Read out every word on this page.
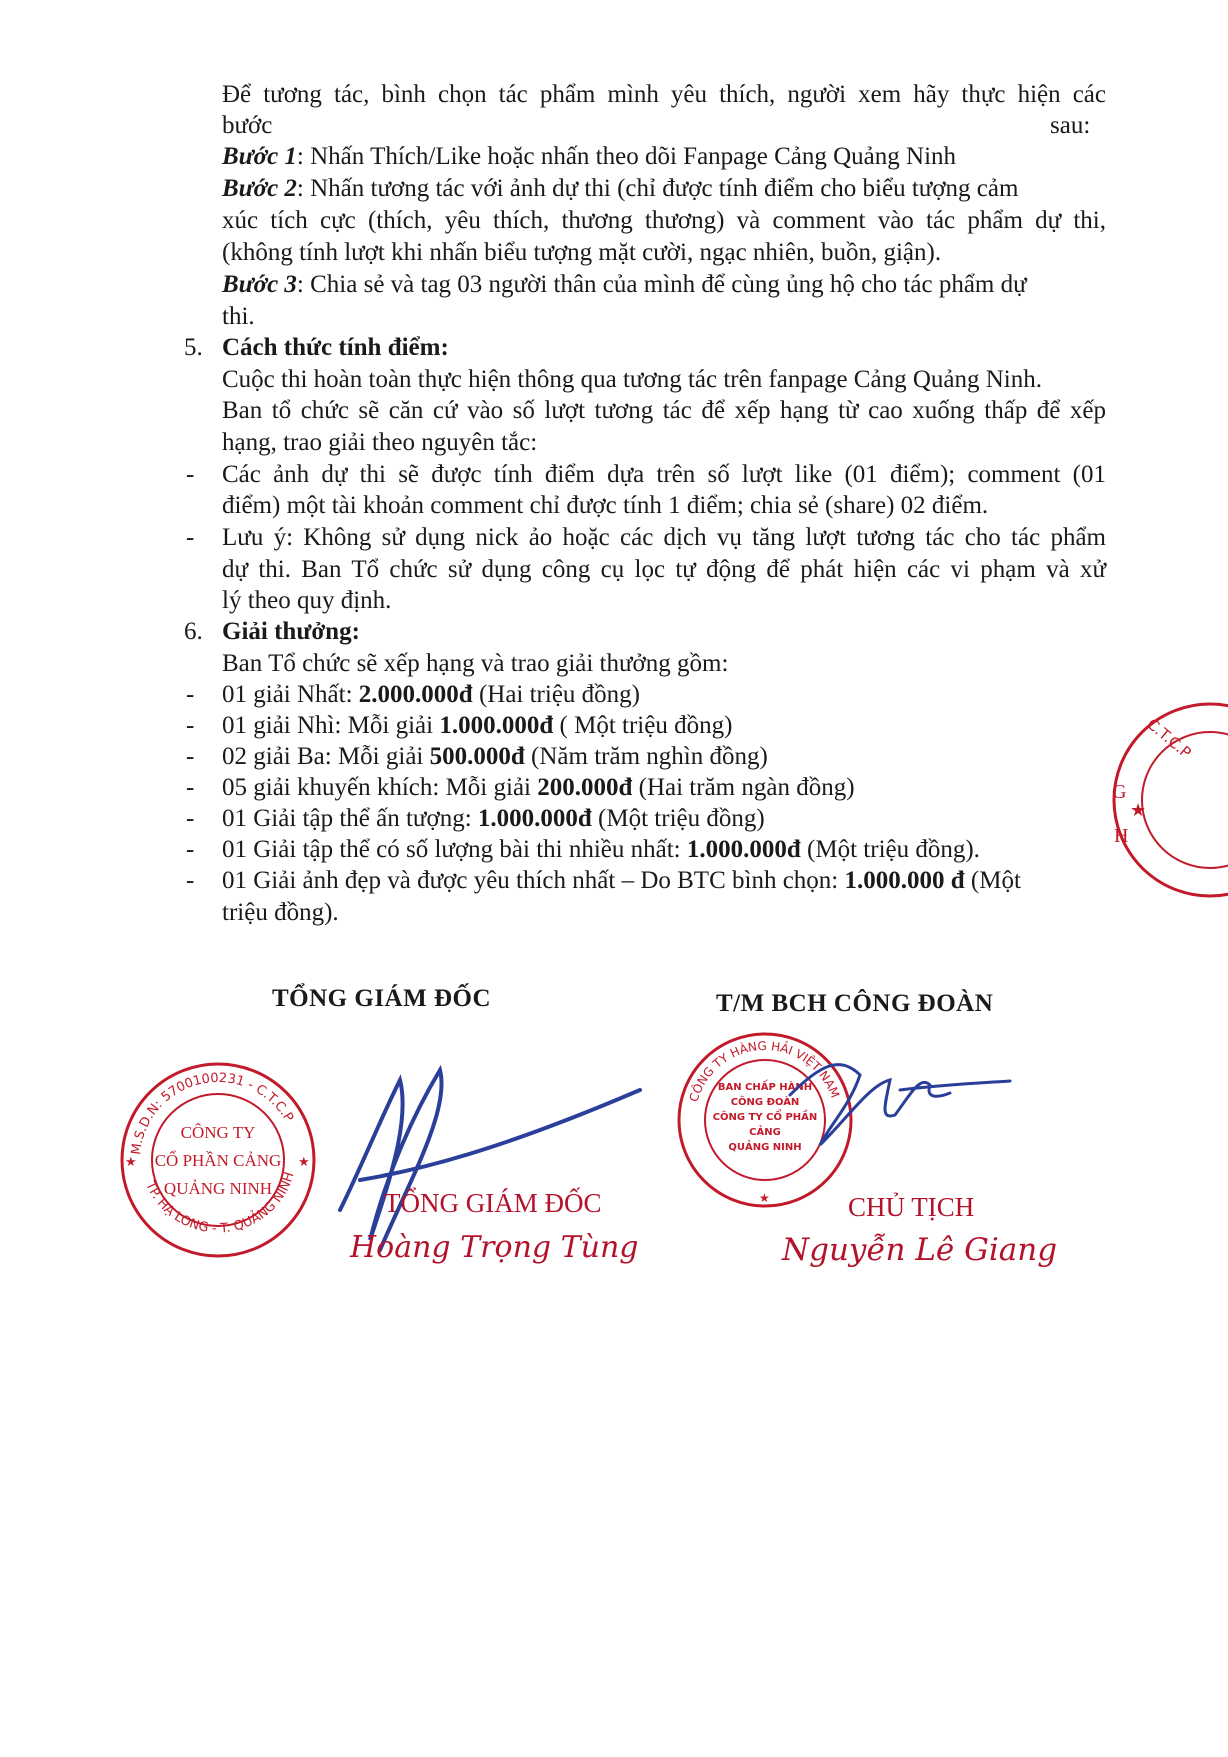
Để tương tác, bình chọn tác phẩm mình yêu thích, người xem hãy thực hiện các
bước	sau:
Bước 1: Nhấn Thích/Like hoặc nhấn theo dõi Fanpage Cảng Quảng Ninh
Bước 2: Nhấn tương tác với ảnh dự thi (chỉ được tính điểm cho biểu tượng cảm
xúc tích cực (thích, yêu thích, thương thương) và comment vào tác phẩm dự thi,
(không tính lượt khi nhấn biểu tượng mặt cười, ngạc nhiên, buồn, giận).
Bước 3: Chia sẻ và tag 03 người thân của mình để cùng ủng hộ cho tác phẩm dự
thi.
5. Cách thức tính điểm:
Cuộc thi hoàn toàn thực hiện thông qua tương tác trên fanpage Cảng Quảng Ninh.
Ban tổ chức sẽ căn cứ vào số lượt tương tác để xếp hạng từ cao xuống thấp để xếp
hạng, trao giải theo nguyên tắc:
- Các ảnh dự thi sẽ được tính điểm dựa trên số lượt like (01 điểm); comment (01
điểm) một tài khoản comment chỉ được tính 1 điểm; chia sẻ (share) 02 điểm.
- Lưu ý: Không sử dụng nick ảo hoặc các dịch vụ tăng lượt tương tác cho tác phẩm
dự thi. Ban Tổ chức sử dụng công cụ lọc tự động để phát hiện các vi phạm và xử
lý theo quy định.
6. Giải thưởng:
Ban Tổ chức sẽ xếp hạng và trao giải thưởng gồm:
- 01 giải Nhất: 2.000.000đ (Hai triệu đồng)
- 01 giải Nhì: Mỗi giải 1.000.000đ ( Một triệu đồng)
- 02 giải Ba: Mỗi giải 500.000đ (Năm trăm nghìn đồng)
- 05 giải khuyến khích: Mỗi giải 200.000đ (Hai trăm ngàn đồng)
- 01 Giải tập thể ấn tượng: 1.000.000đ (Một triệu đồng)
- 01 Giải tập thể có số lượng bài thi nhiều nhất: 1.000.000đ (Một triệu đồng).
- 01 Giải ảnh đẹp và được yêu thích nhất – Do BTC bình chọn: 1.000.000 đ (Một
triệu đồng).
C.T.C.P
G
H
★
TỔNG GIÁM ĐỐC	T/M BCH CÔNG ĐOÀN
M.S.D.N: 5700100231 - C.T.C.P
TP. HẠ LONG - T. QUẢNG NINH
★	★
CÔNG TY
CỔ PHẦN CẢNG
QUẢNG NINH	TỔNG GIÁM ĐỐC
Hoàng Trọng Tùng
CÔNG TY HÀNG HẢI VIỆT NAM
★
BAN CHẤP HÀNH
CÔNG ĐOÀN
CÔNG TY CỔ PHẦN
CẢNG
QUẢNG NINH
CHỦ TỊCH
Nguyễn Lê Giang
